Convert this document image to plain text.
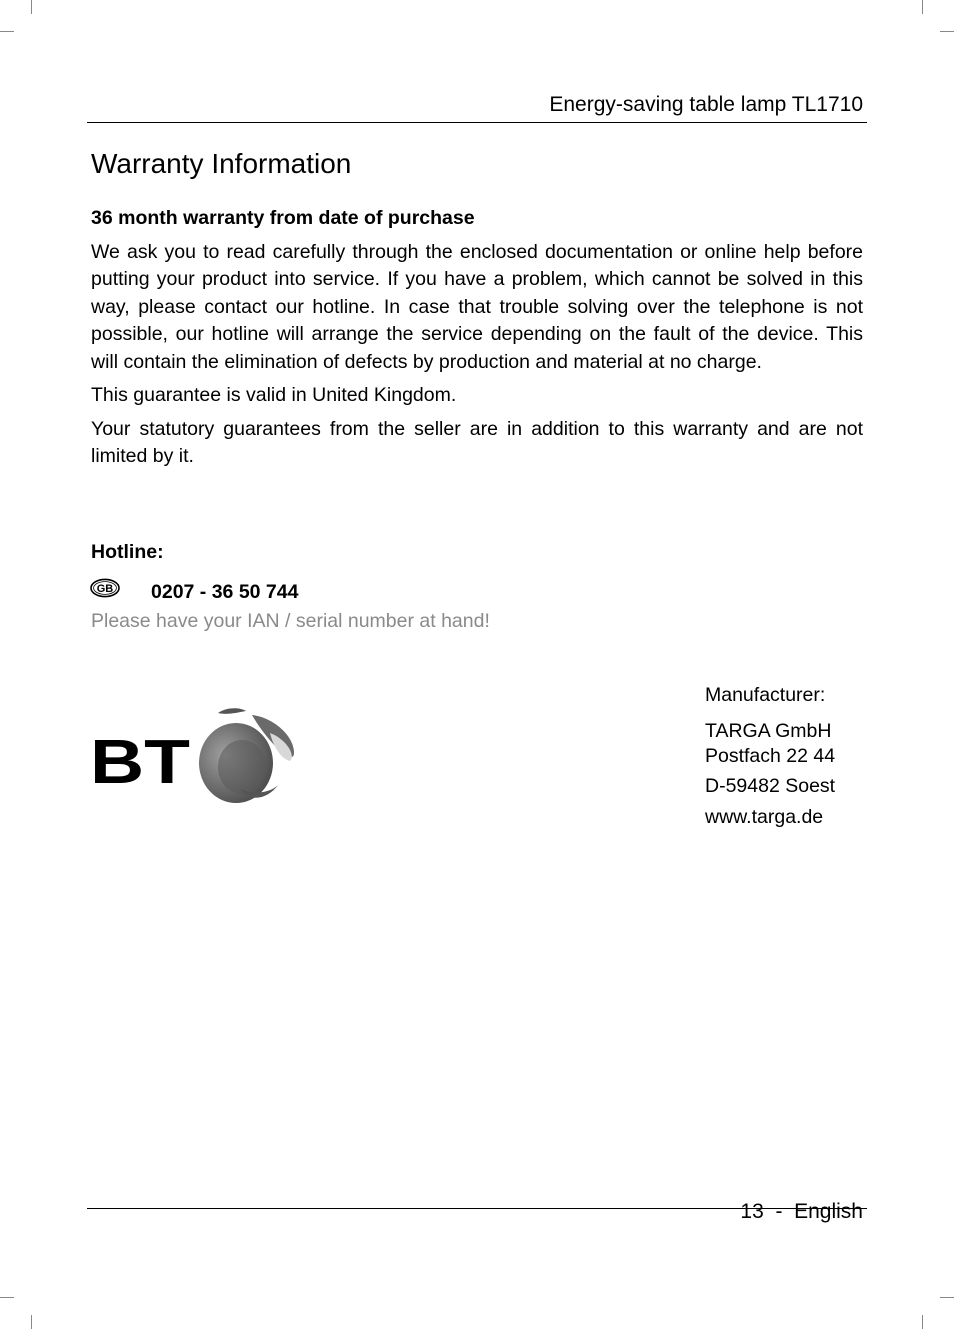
Energy-saving table lamp TL1710
Warranty Information

36 month warranty from date of purchase

We ask you to read carefully through the enclosed documentation or online help before putting your product into service. If you have a problem, which cannot be solved in this way, please contact our hotline. In case that trouble solving over the telephone is not possible, our hotline will arrange the service depending on the fault of the device. This will contain the elimination of defects by production and material at no charge.

This guarantee is valid in United Kingdom.

Your statutory guarantees from the seller are in addition to this warranty and are not limited by it.

Hotline:
GB 0207 - 36 50 744
Please have your IAN / serial number at hand!
BT
Manufacturer:
TARGA GmbH
Postfach 22 44
D-59482 Soest
www.targa.de
13 - English
